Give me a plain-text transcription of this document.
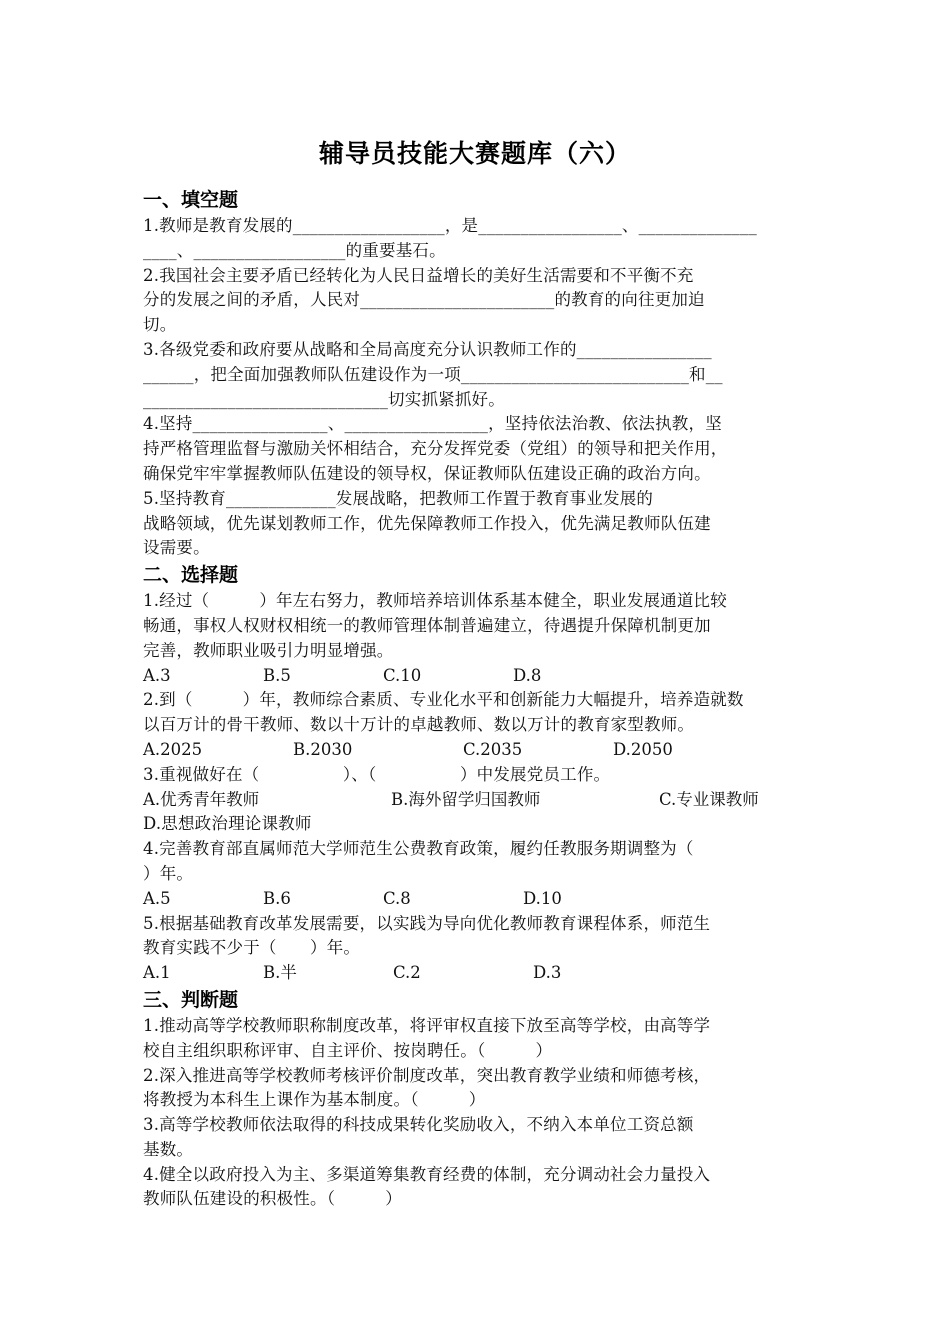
辅导员技能大赛题库（六）
一、填空题

1.教师是教育发展的__________________，是_________________、______________

____、__________________的重要基石。

2.我国社会主要矛盾已经转化为人民日益增长的美好生活需要和不平衡不充

分的发展之间的矛盾，人民对_______________________的教育的向往更加迫

切。

3.各级党委和政府要从战略和全局高度充分认识教师工作的________________

______，把全面加强教师队伍建设作为一项___________________________和__

_____________________________切实抓紧抓好。

4.坚持________________、_________________，坚持依法治教、依法执教，坚

持严格管理监督与激励关怀相结合，充分发挥党委（党组）的领导和把关作用，

确保党牢牢掌握教师队伍建设的领导权，保证教师队伍建设正确的政治方向。

5.坚持教育_____________发展战略，把教师工作置于教育事业发展的

战略领域，优先谋划教师工作，优先保障教师工作投入，优先满足教师队伍建

设需要。

二、选择题

1.经过（　　　）年左右努力，教师培养培训体系基本健全，职业发展通道比较

畅通，事权人权财权相统一的教师管理体制普遍建立，待遇提升保障机制更加

完善，教师职业吸引力明显增强。

A.3	B.5	C.10	D.8

2.到（　　　）年，教师综合素质、专业化水平和创新能力大幅提升，培养造就数

以百万计的骨干教师、数以十万计的卓越教师、数以万计的教育家型教师。

A.2025	B.2030	C.2035	D.2050

3.重视做好在（　　　　　）、（　　　　　）中发展党员工作。

A.优秀青年教师	B.海外留学归国教师	C.专业课教师

D.思想政治理论课教师

4.完善教育部直属师范大学师范生公费教育政策，履约任教服务期调整为（

）年。

A.5	B.6	C.8	D.10

5.根据基础教育改革发展需要，以实践为导向优化教师教育课程体系，师范生

教育实践不少于（　　）年。

A.1	B.半	C.2	D.3
三、判断题

1.推动高等学校教师职称制度改革，将评审权直接下放至高等学校，由高等学

校自主组织职称评审、自主评价、按岗聘任。（　　　）

2.深入推进高等学校教师考核评价制度改革，突出教育教学业绩和师德考核，

将教授为本科生上课作为基本制度。（　　　）

3.高等学校教师依法取得的科技成果转化奖励收入，不纳入本单位工资总额

基数。

4.健全以政府投入为主、多渠道筹集教育经费的体制，充分调动社会力量投入

教师队伍建设的积极性。（　　　）
